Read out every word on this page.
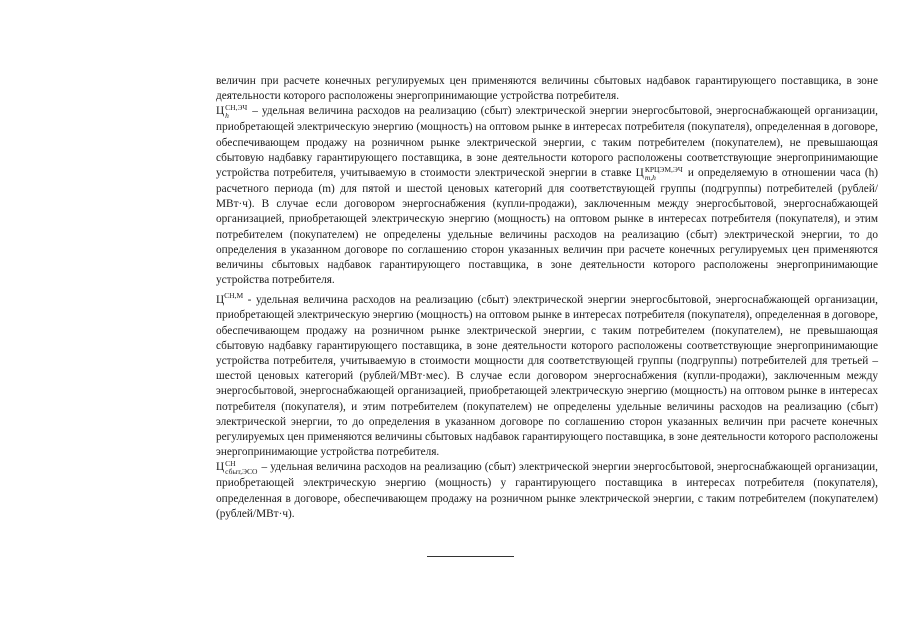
величин при расчете конечных регулируемых цен применяются величины сбытовых надбавок гарантирующего поставщика, в зоне деятельности которого расположены энергопринимающие устройства потребителя.

Ц СН,ЭЧ
h	– удельная величина расходов на реализацию (сбыт) электрической энергии энергосбытовой, энергоснабжающей организации, приобретающей электрическую энергию (мощность) на оптовом рынке в интересах потребителя (покупателя), определенная в договоре, обеспечивающем продажу на розничном рынке электрической энергии, с таким потребителем (покупателем), не превышающая сбытовую надбавку гарантирующего поставщика, в зоне деятельности которого расположены соответствующие энергопринимающие устройства потребителя, учитываемую в стоимости электрической энергии в ставке Ц КРЦЭМ,ЭЧ
m,h	и определяемую в отношении часа (h) расчетного периода (m) для пятой и шестой ценовых категорий для соответствующей группы (подгруппы) потребителей (рублей/МВт·ч). В случае если договором энергоснабжения (купли-продажи), заключенным между энергосбытовой, энергоснабжающей организацией, приобретающей электрическую энергию (мощность) на оптовом рынке в интересах потребителя (покупателя), и этим потребителем (покупателем) не определены удельные величины расходов на реализацию (сбыт) электрической энергии, то до определения в указанном договоре по соглашению сторон указанных величин при расчете конечных регулируемых цен применяются величины сбытовых надбавок гарантирующего поставщика, в зоне деятельности которого расположены энергопринимающие устройства потребителя.

$Ц^{СН,М}$ - удельная величина расходов на реализацию (сбыт) электрической энергии энергосбытовой, энергоснабжающей организации, приобретающей электрическую энергию (мощность) на оптовом рынке в интересах потребителя (покупателя), определенная в договоре, обеспечивающем продажу на розничном рынке электрической энергии, с таким потребителем (покупателем), не превышающая сбытовую надбавку гарантирующего поставщика, в зоне деятельности которого расположены соответствующие энергопринимающие устройства потребителя, учитываемую в стоимости мощности для соответствующей группы (подгруппы) потребителей для третьей – шестой ценовых категорий (рублей/МВт·мес). В случае если договором энергоснабжения (купли-продажи), заключенным между энергосбытовой, энергоснабжающей организацией, приобретающей электрическую энергию (мощность) на оптовом рынке в интересах потребителя (покупателя), и этим потребителем (покупателем) не определены удельные величины расходов на реализацию (сбыт) электрической энергии, то до определения в указанном договоре по соглашению сторон указанных величин при расчете конечных регулируемых цен применяются величины сбытовых надбавок гарантирующего поставщика, в зоне деятельности которого расположены энергопринимающие устройства потребителя.

Ц СН
сбыт,ЭСО – удельная величина расходов на реализацию (сбыт) электрической энергии энергосбытовой, энергоснабжающей организации, приобретающей электрическую энергию (мощность) у гарантирующего поставщика в интересах потребителя (покупателя), определенная в договоре, обеспечивающем продажу на розничном рынке электрической энергии, с таким потребителем (покупателем) (рублей/МВт·ч).
